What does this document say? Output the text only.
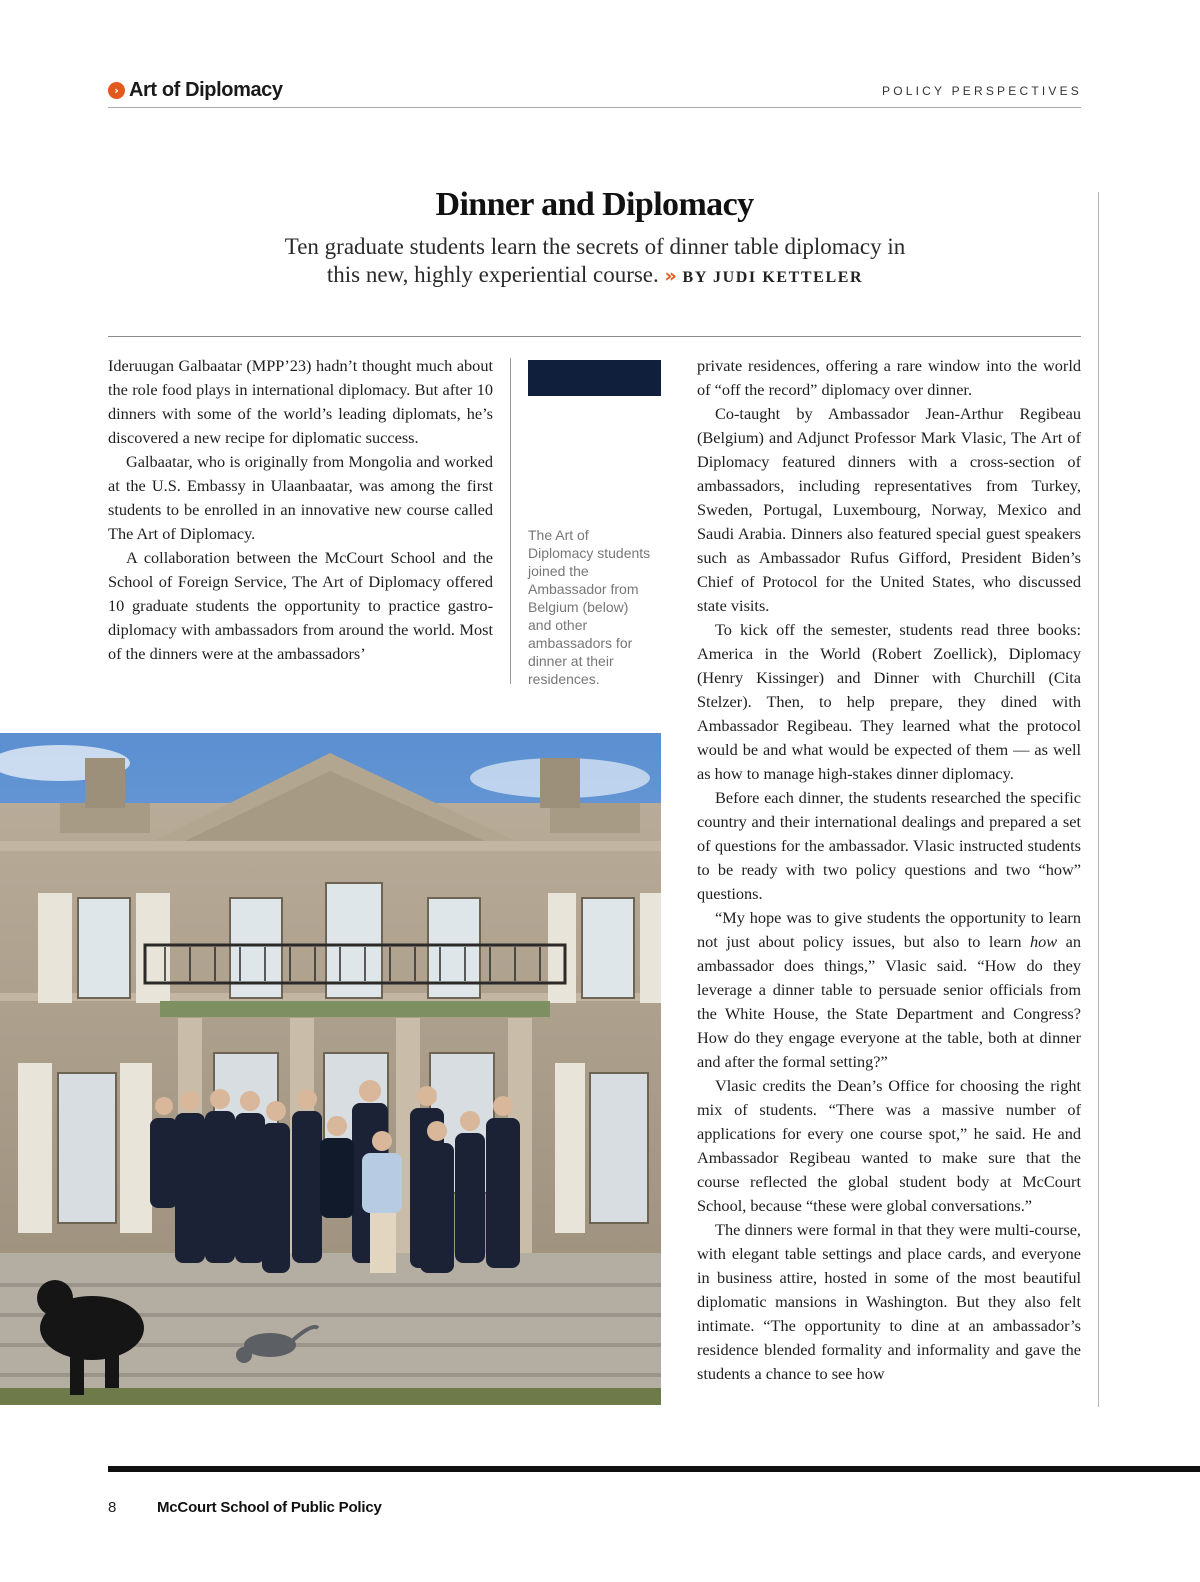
› Art of Diplomacy	POLICY PERSPECTIVES
Dinner and Diplomacy
Ten graduate students learn the secrets of dinner table diplomacy in
this new, highly experiential course. » BY JUDI KETTELER

Ideruugan Galbaatar (MPP’23) hadn’t thought much about the role food plays in international diplomacy. But after 10 dinners with some of the world’s leading diplomats, he’s discovered a new recipe for diplomatic success.

Galbaatar, who is originally from Mongolia and worked at the U.S. Embassy in Ulaanbaatar, was among the first students to be enrolled in an innovative new course called The Art of Diplomacy.

A collaboration between the McCourt School and the School of Foreign Service, The Art of Diplomacy offered 10 graduate students the opportunity to practice gastro-diplomacy with ambassadors from around the world. Most of the dinners were at the ambassadors’

The Art of Diplomacy students joined the Ambassador from Belgium (below) and other ambassadors for dinner at their residences.

private residences, offering a rare window into the world of “off the record” diplomacy over dinner.

Co-taught by Ambassador Jean-Arthur Regibeau (Belgium) and Adjunct Professor Mark Vlasic, The Art of Diplomacy featured dinners with a cross-section of ambassadors, including representatives from Turkey, Sweden, Portugal, Luxembourg, Norway, Mexico and Saudi Arabia. Dinners also featured special guest speakers such as Ambassador Rufus Gifford, President Biden’s Chief of Protocol for the United States, who discussed state visits.

To kick off the semester, students read three books: America in the World (Robert Zoellick), Diplomacy (Henry Kissinger) and Dinner with Churchill (Cita Stelzer). Then, to help prepare, they dined with Ambassador Regibeau. They learned what the protocol would be and what would be expected of them — as well as how to manage high-stakes dinner diplomacy.

Before each dinner, the students researched the specific country and their international dealings and prepared a set of questions for the ambassador. Vlasic instructed students to be ready with two policy questions and two “how” questions.

“My hope was to give students the opportunity to learn not just about policy issues, but also to learn how an ambassador does things,” Vlasic said. “How do they leverage a dinner table to persuade senior officials from the White House, the State Department and Congress? How do they engage everyone at the table, both at dinner and after the formal setting?”

Vlasic credits the Dean’s Office for choosing the right mix of students. “There was a massive number of applications for every one course spot,” he said. He and Ambassador Regibeau wanted to make sure that the course reflected the global student body at McCourt School, because “these were global conversations.”

The dinners were formal in that they were multi-course, with elegant table settings and place cards, and everyone in business attire, hosted in some of the most beautiful diplomatic mansions in Washington. But they also felt intimate. “The opportunity to dine at an ambassador’s residence blended formality and informality and gave the students a chance to see how

8	McCourt School of Public Policy
